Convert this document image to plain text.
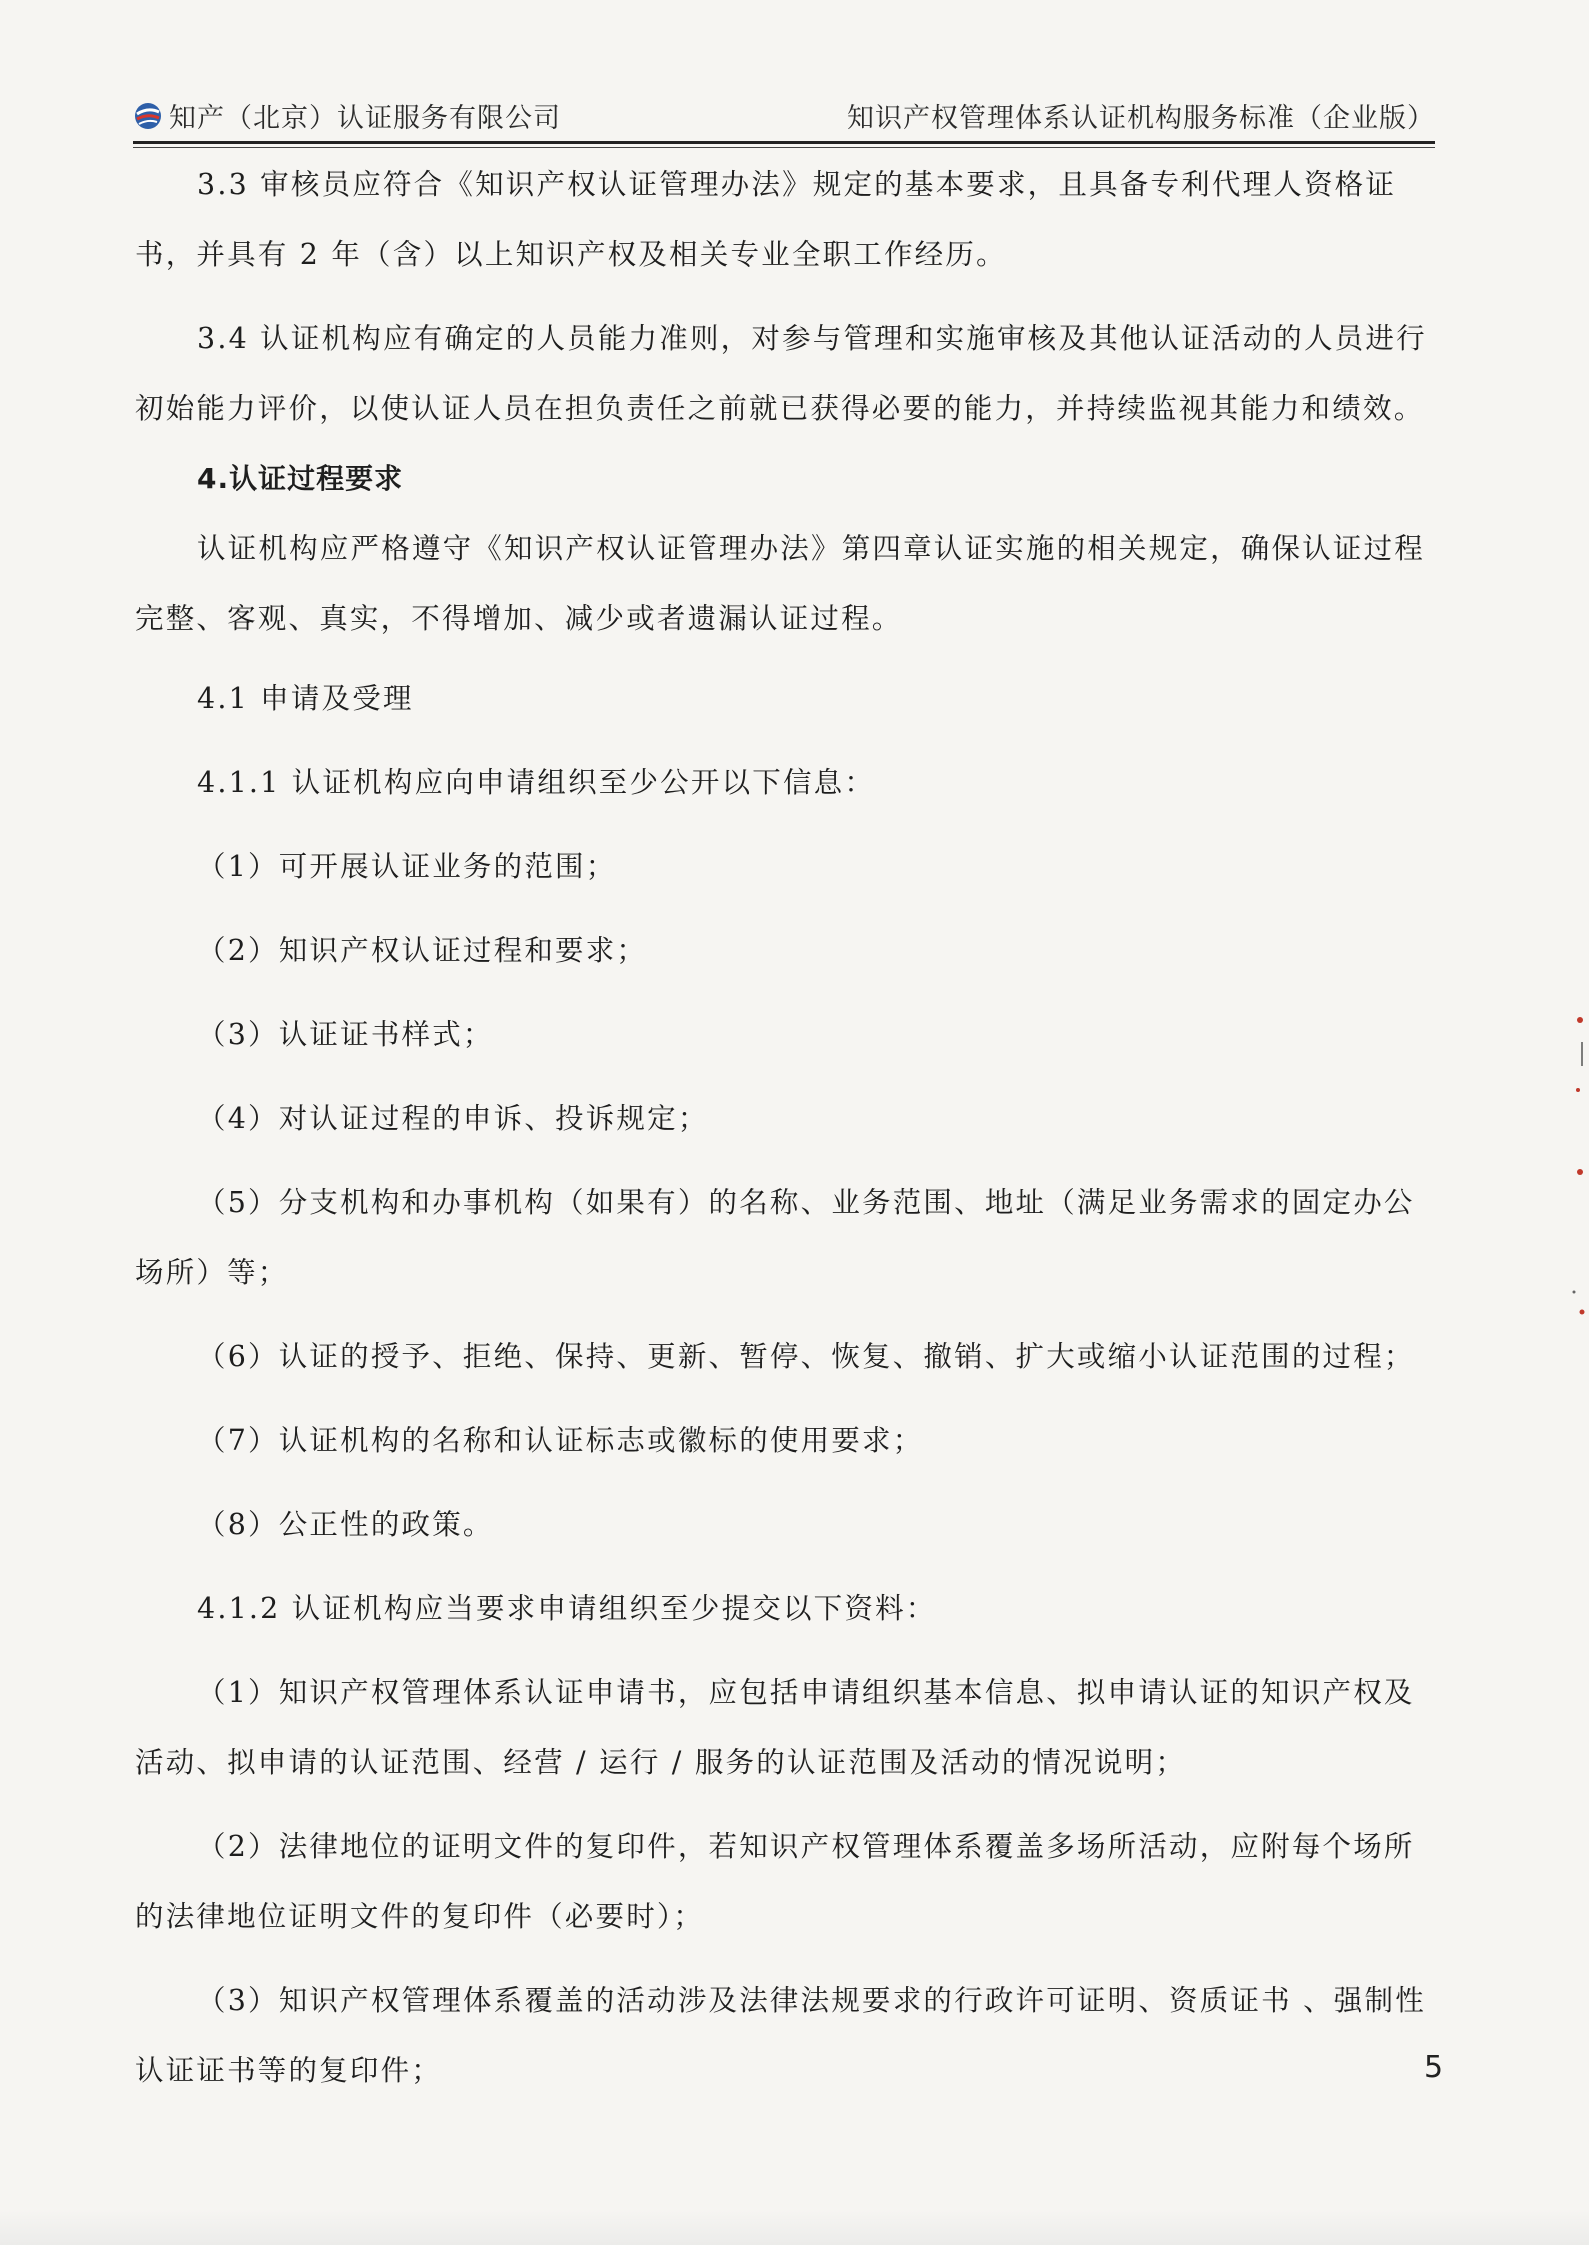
知产（北京）认证服务有限公司	知识产权管理体系认证机构服务标准（企业版）

3.3 审核员应符合《知识产权认证管理办法》规定的基本要求，且具备专利代理人资格证书，并具有 2 年（含）以上知识产权及相关专业全职工作经历。

3.4 认证机构应有确定的人员能力准则，对参与管理和实施审核及其他认证活动的人员进行初始能力评价，以使认证人员在担负责任之前就已获得必要的能力，并持续监视其能力和绩效。

4.认证过程要求

认证机构应严格遵守《知识产权认证管理办法》第四章认证实施的相关规定，确保认证过程完整、客观、真实，不得增加、减少或者遗漏认证过程。

4.1 申请及受理

4.1.1 认证机构应向申请组织至少公开以下信息：

（1）可开展认证业务的范围；

（2）知识产权认证过程和要求；

（3）认证证书样式；

（4）对认证过程的申诉、投诉规定；

（5）分支机构和办事机构（如果有）的名称、业务范围、地址（满足业务需求的固定办公场所）等；

（6）认证的授予、拒绝、保持、更新、暂停、恢复、撤销、扩大或缩小认证范围的过程；

（7）认证机构的名称和认证标志或徽标的使用要求；

（8）公正性的政策。

4.1.2 认证机构应当要求申请组织至少提交以下资料：

（1）知识产权管理体系认证申请书，应包括申请组织基本信息、拟申请认证的知识产权及活动、拟申请的认证范围、经营 / 运行 / 服务的认证范围及活动的情况说明；

（2）法律地位的证明文件的复印件，若知识产权管理体系覆盖多场所活动，应附每个场所的法律地位证明文件的复印件（必要时）；

（3）知识产权管理体系覆盖的活动涉及法律法规要求的行政许可证明、资质证书 、强制性认证证书等的复印件；	5
